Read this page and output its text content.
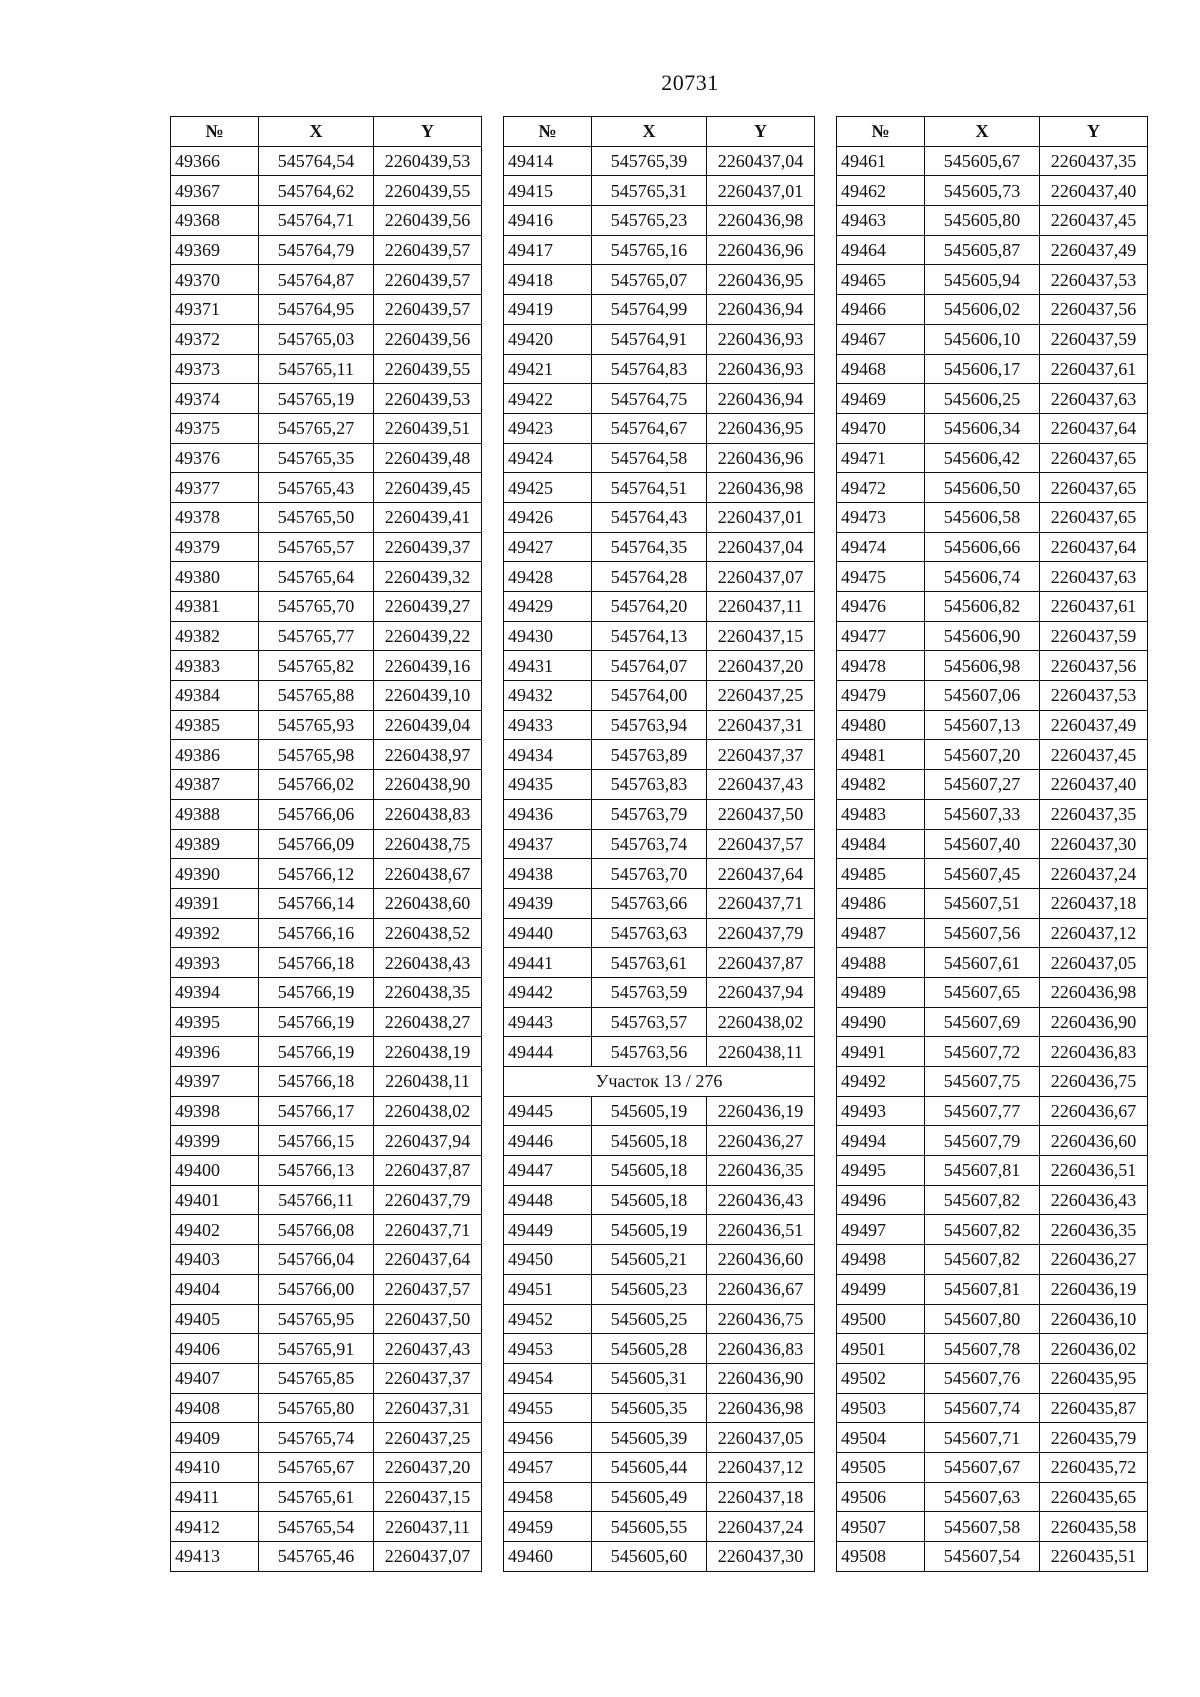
20731
№	X	Y
49366	545764,54	2260439,53
49367	545764,62	2260439,55
49368	545764,71	2260439,56
49369	545764,79	2260439,57
49370	545764,87	2260439,57
49371	545764,95	2260439,57
49372	545765,03	2260439,56
49373	545765,11	2260439,55
49374	545765,19	2260439,53
49375	545765,27	2260439,51
49376	545765,35	2260439,48
49377	545765,43	2260439,45
49378	545765,50	2260439,41
49379	545765,57	2260439,37
49380	545765,64	2260439,32
49381	545765,70	2260439,27
49382	545765,77	2260439,22
49383	545765,82	2260439,16
49384	545765,88	2260439,10
49385	545765,93	2260439,04
49386	545765,98	2260438,97
49387	545766,02	2260438,90
49388	545766,06	2260438,83
49389	545766,09	2260438,75
49390	545766,12	2260438,67
49391	545766,14	2260438,60
49392	545766,16	2260438,52
49393	545766,18	2260438,43
49394	545766,19	2260438,35
49395	545766,19	2260438,27
49396	545766,19	2260438,19
49397	545766,18	2260438,11
49398	545766,17	2260438,02
49399	545766,15	2260437,94
49400	545766,13	2260437,87
49401	545766,11	2260437,79
49402	545766,08	2260437,71
49403	545766,04	2260437,64
49404	545766,00	2260437,57
49405	545765,95	2260437,50
49406	545765,91	2260437,43
49407	545765,85	2260437,37
49408	545765,80	2260437,31
49409	545765,74	2260437,25
49410	545765,67	2260437,20
49411	545765,61	2260437,15
49412	545765,54	2260437,11
49413	545765,46	2260437,07
№	X	Y
49414	545765,39	2260437,04
49415	545765,31	2260437,01
49416	545765,23	2260436,98
49417	545765,16	2260436,96
49418	545765,07	2260436,95
49419	545764,99	2260436,94
49420	545764,91	2260436,93
49421	545764,83	2260436,93
49422	545764,75	2260436,94
49423	545764,67	2260436,95
49424	545764,58	2260436,96
49425	545764,51	2260436,98
49426	545764,43	2260437,01
49427	545764,35	2260437,04
49428	545764,28	2260437,07
49429	545764,20	2260437,11
49430	545764,13	2260437,15
49431	545764,07	2260437,20
49432	545764,00	2260437,25
49433	545763,94	2260437,31
49434	545763,89	2260437,37
49435	545763,83	2260437,43
49436	545763,79	2260437,50
49437	545763,74	2260437,57
49438	545763,70	2260437,64
49439	545763,66	2260437,71
49440	545763,63	2260437,79
49441	545763,61	2260437,87
49442	545763,59	2260437,94
49443	545763,57	2260438,02
49444	545763,56	2260438,11
Участок 13 / 276		
49445	545605,19	2260436,19
49446	545605,18	2260436,27
49447	545605,18	2260436,35
49448	545605,18	2260436,43
49449	545605,19	2260436,51
49450	545605,21	2260436,60
49451	545605,23	2260436,67
49452	545605,25	2260436,75
49453	545605,28	2260436,83
49454	545605,31	2260436,90
49455	545605,35	2260436,98
49456	545605,39	2260437,05
49457	545605,44	2260437,12
49458	545605,49	2260437,18
49459	545605,55	2260437,24
49460	545605,60	2260437,30
№	X	Y
49461	545605,67	2260437,35
49462	545605,73	2260437,40
49463	545605,80	2260437,45
49464	545605,87	2260437,49
49465	545605,94	2260437,53
49466	545606,02	2260437,56
49467	545606,10	2260437,59
49468	545606,17	2260437,61
49469	545606,25	2260437,63
49470	545606,34	2260437,64
49471	545606,42	2260437,65
49472	545606,50	2260437,65
49473	545606,58	2260437,65
49474	545606,66	2260437,64
49475	545606,74	2260437,63
49476	545606,82	2260437,61
49477	545606,90	2260437,59
49478	545606,98	2260437,56
49479	545607,06	2260437,53
49480	545607,13	2260437,49
49481	545607,20	2260437,45
49482	545607,27	2260437,40
49483	545607,33	2260437,35
49484	545607,40	2260437,30
49485	545607,45	2260437,24
49486	545607,51	2260437,18
49487	545607,56	2260437,12
49488	545607,61	2260437,05
49489	545607,65	2260436,98
49490	545607,69	2260436,90
49491	545607,72	2260436,83
49492	545607,75	2260436,75
49493	545607,77	2260436,67
49494	545607,79	2260436,60
49495	545607,81	2260436,51
49496	545607,82	2260436,43
49497	545607,82	2260436,35
49498	545607,82	2260436,27
49499	545607,81	2260436,19
49500	545607,80	2260436,10
49501	545607,78	2260436,02
49502	545607,76	2260435,95
49503	545607,74	2260435,87
49504	545607,71	2260435,79
49505	545607,67	2260435,72
49506	545607,63	2260435,65
49507	545607,58	2260435,58
49508	545607,54	2260435,51
